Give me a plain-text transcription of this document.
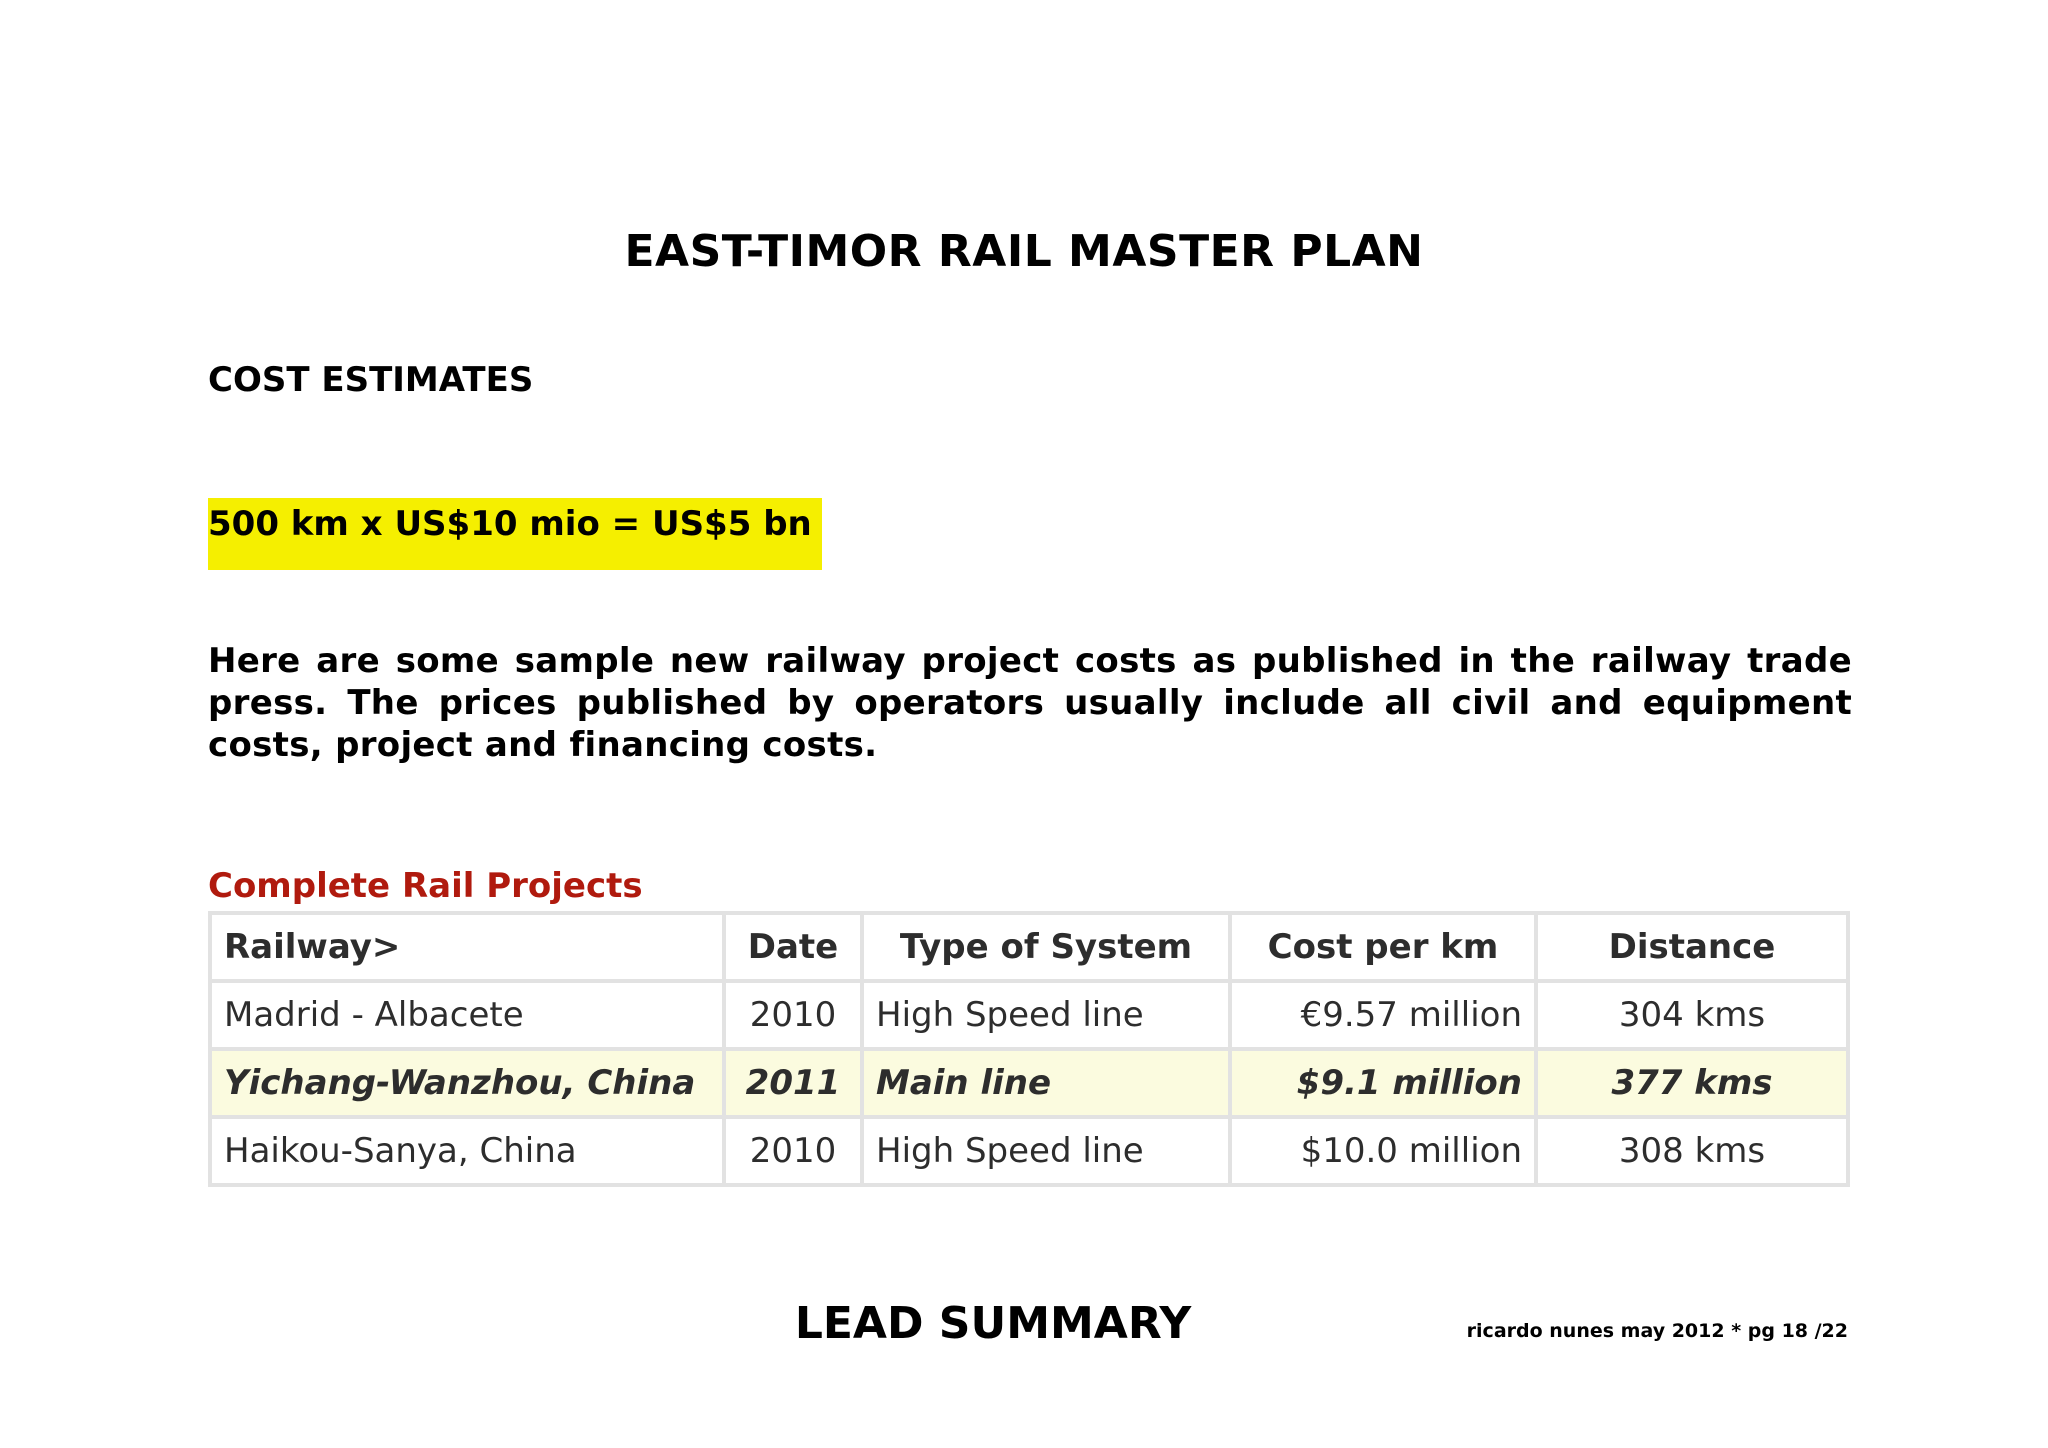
EAST-TIMOR RAIL MASTER PLAN
COST ESTIMATES
500 km x US$10 mio = US$5 bn
Here are some sample new railway project costs as published in the railway trade press. The prices published by operators usually include all civil and equipment costs, project and financing costs.
Complete Rail Projects
Railway>	Date	Type of System	Cost per km	Distance
Madrid - Albacete	2010	High Speed line	€9.57 million	304 kms
Yichang-Wanzhou, China	2011	Main line	$9.1 million	377 kms
Haikou-Sanya, China	2010	High Speed line	$10.0 million	308 kms
LEAD SUMMARY	ricardo nunes may 2012 * pg 18 /22
